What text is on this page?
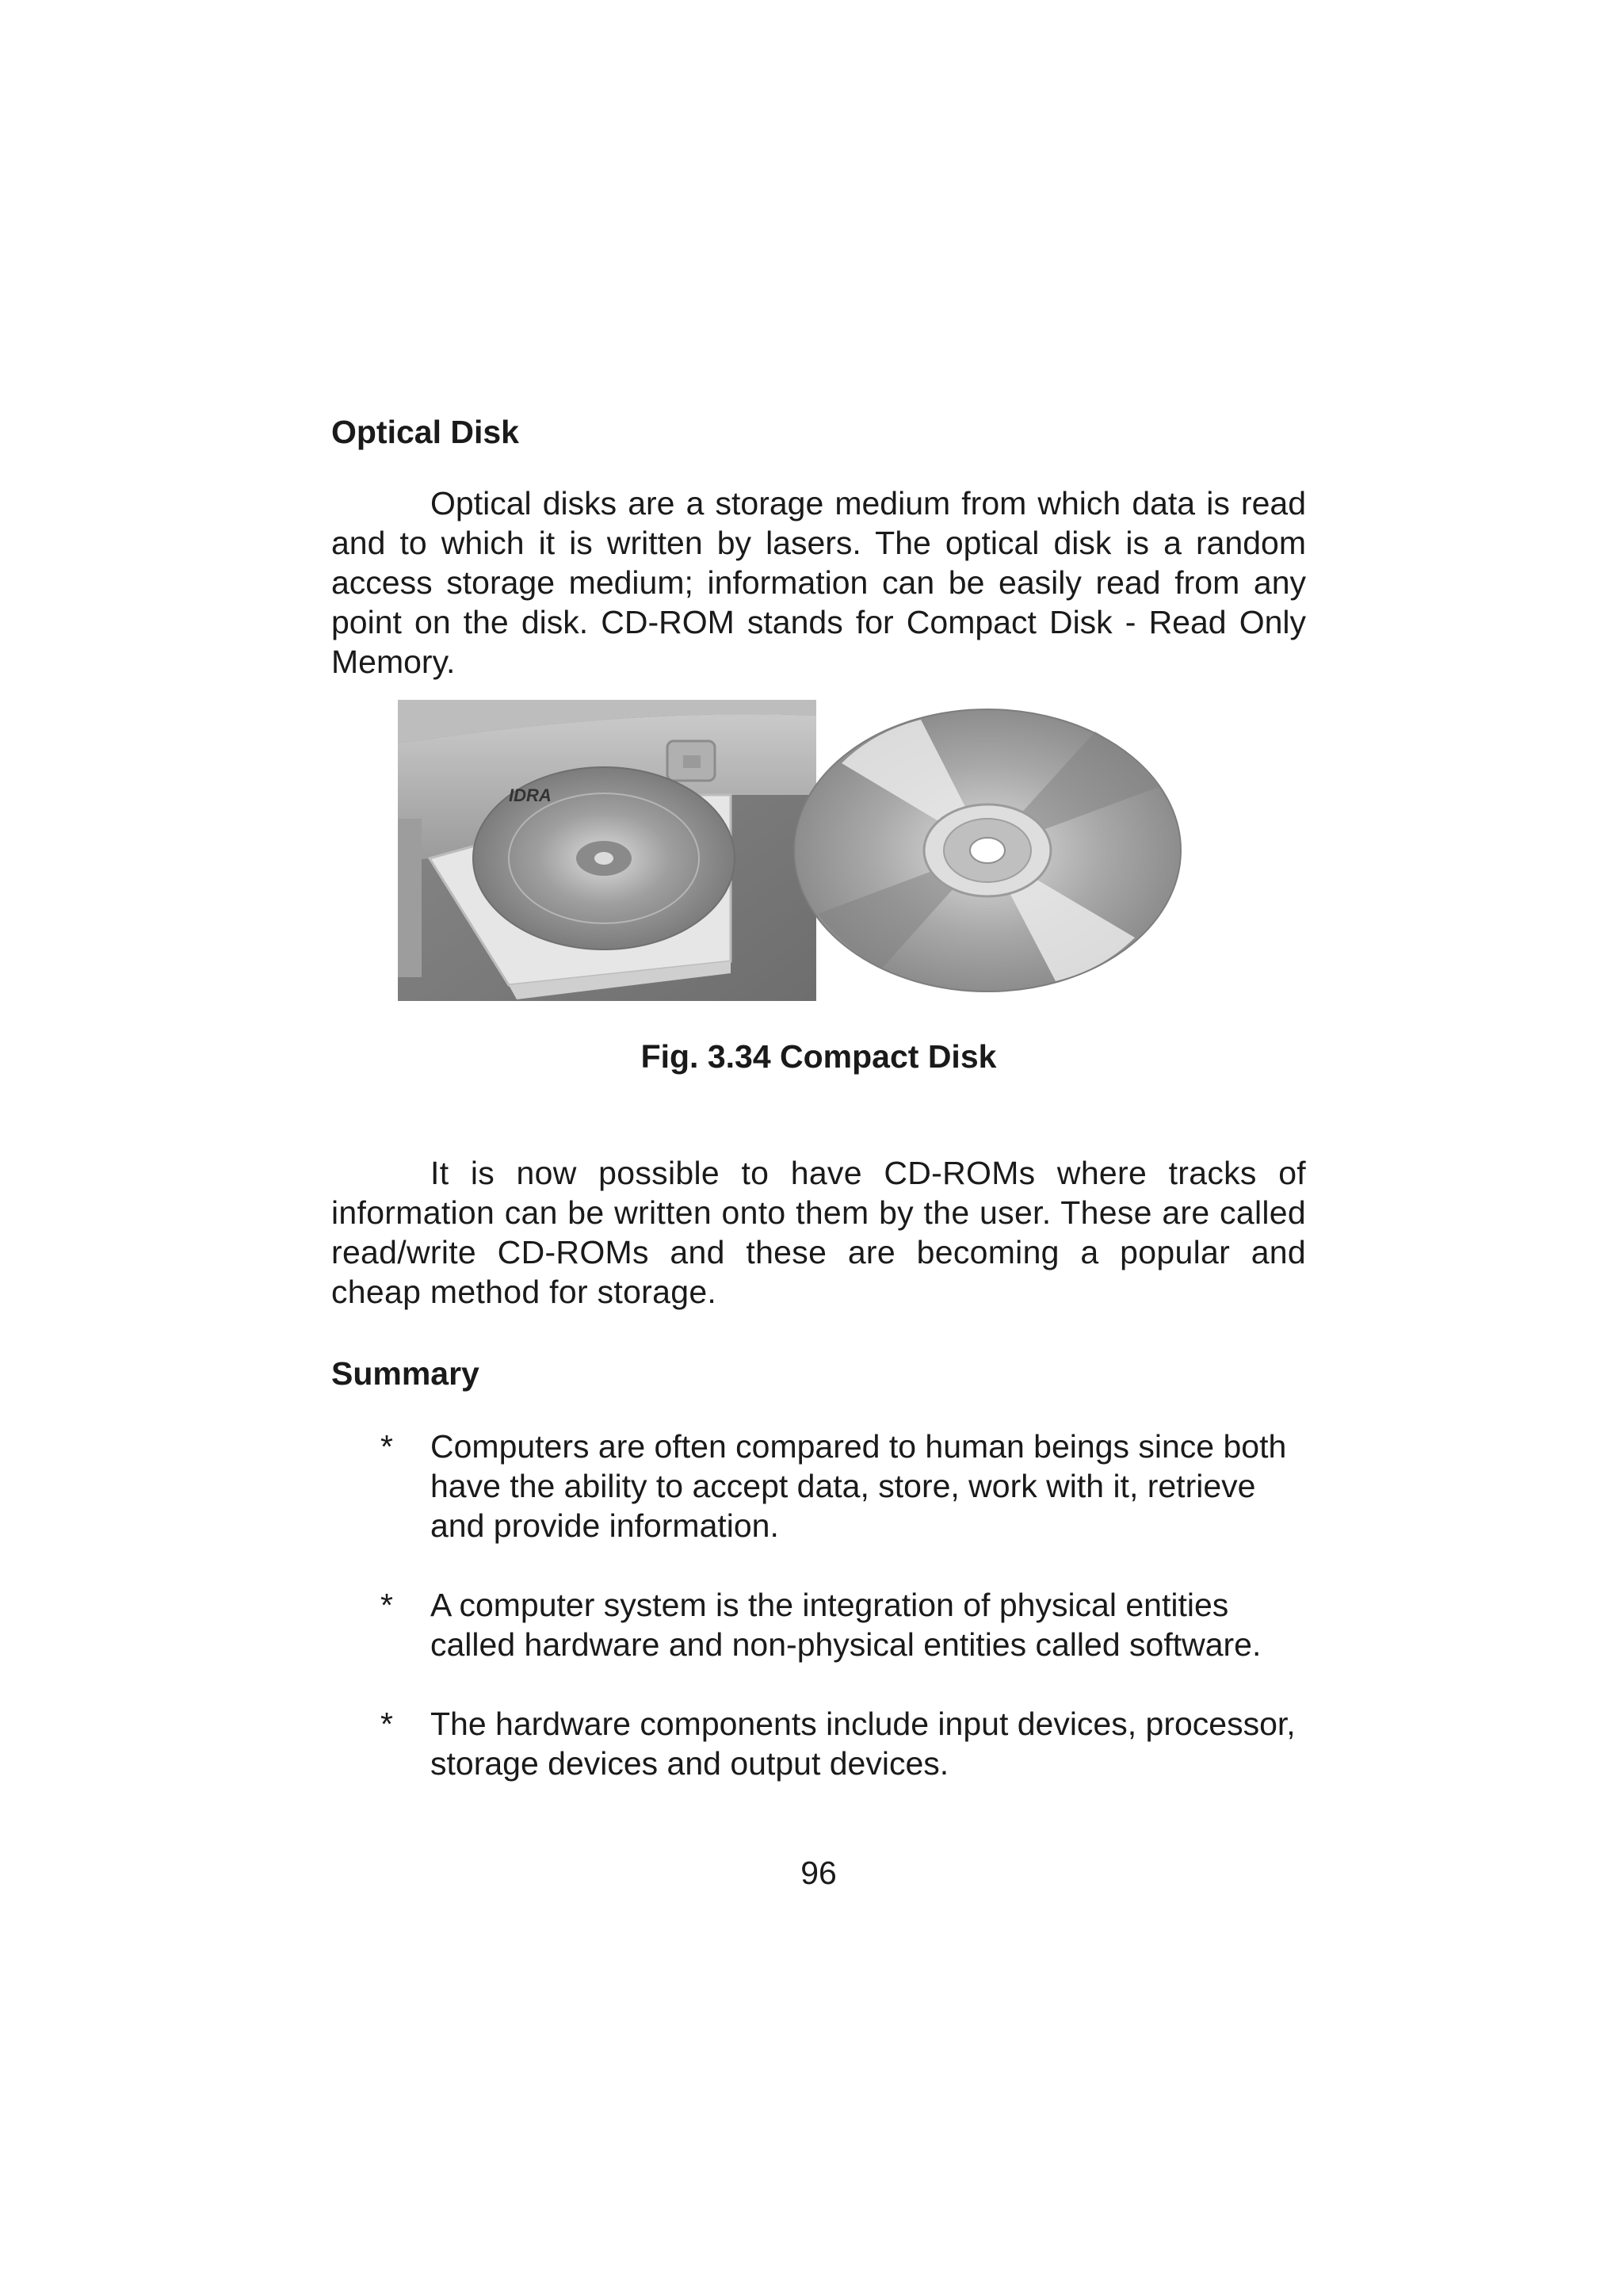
Optical Disk

Optical disks are a storage medium from which data is read and to which it is written by lasers. The optical disk is a random access storage medium; information can be easily read from any point on the disk. CD-ROM stands for Compact Disk - Read Only Memory.

IDRA
Fig. 3.34 Compact Disk

It is now possible to have CD-ROMs where tracks of information can be written onto them by the user. These are called read/write CD-ROMs and these are becoming a popular and cheap method for storage.

Summary
* Computers are often compared to human beings since both have the ability to accept data, store, work with it, retrieve and provide information.
* A computer system is the integration of physical entities called hardware and non-physical entities called software.
* The hardware components include input devices, processor, storage devices and output devices.
96
